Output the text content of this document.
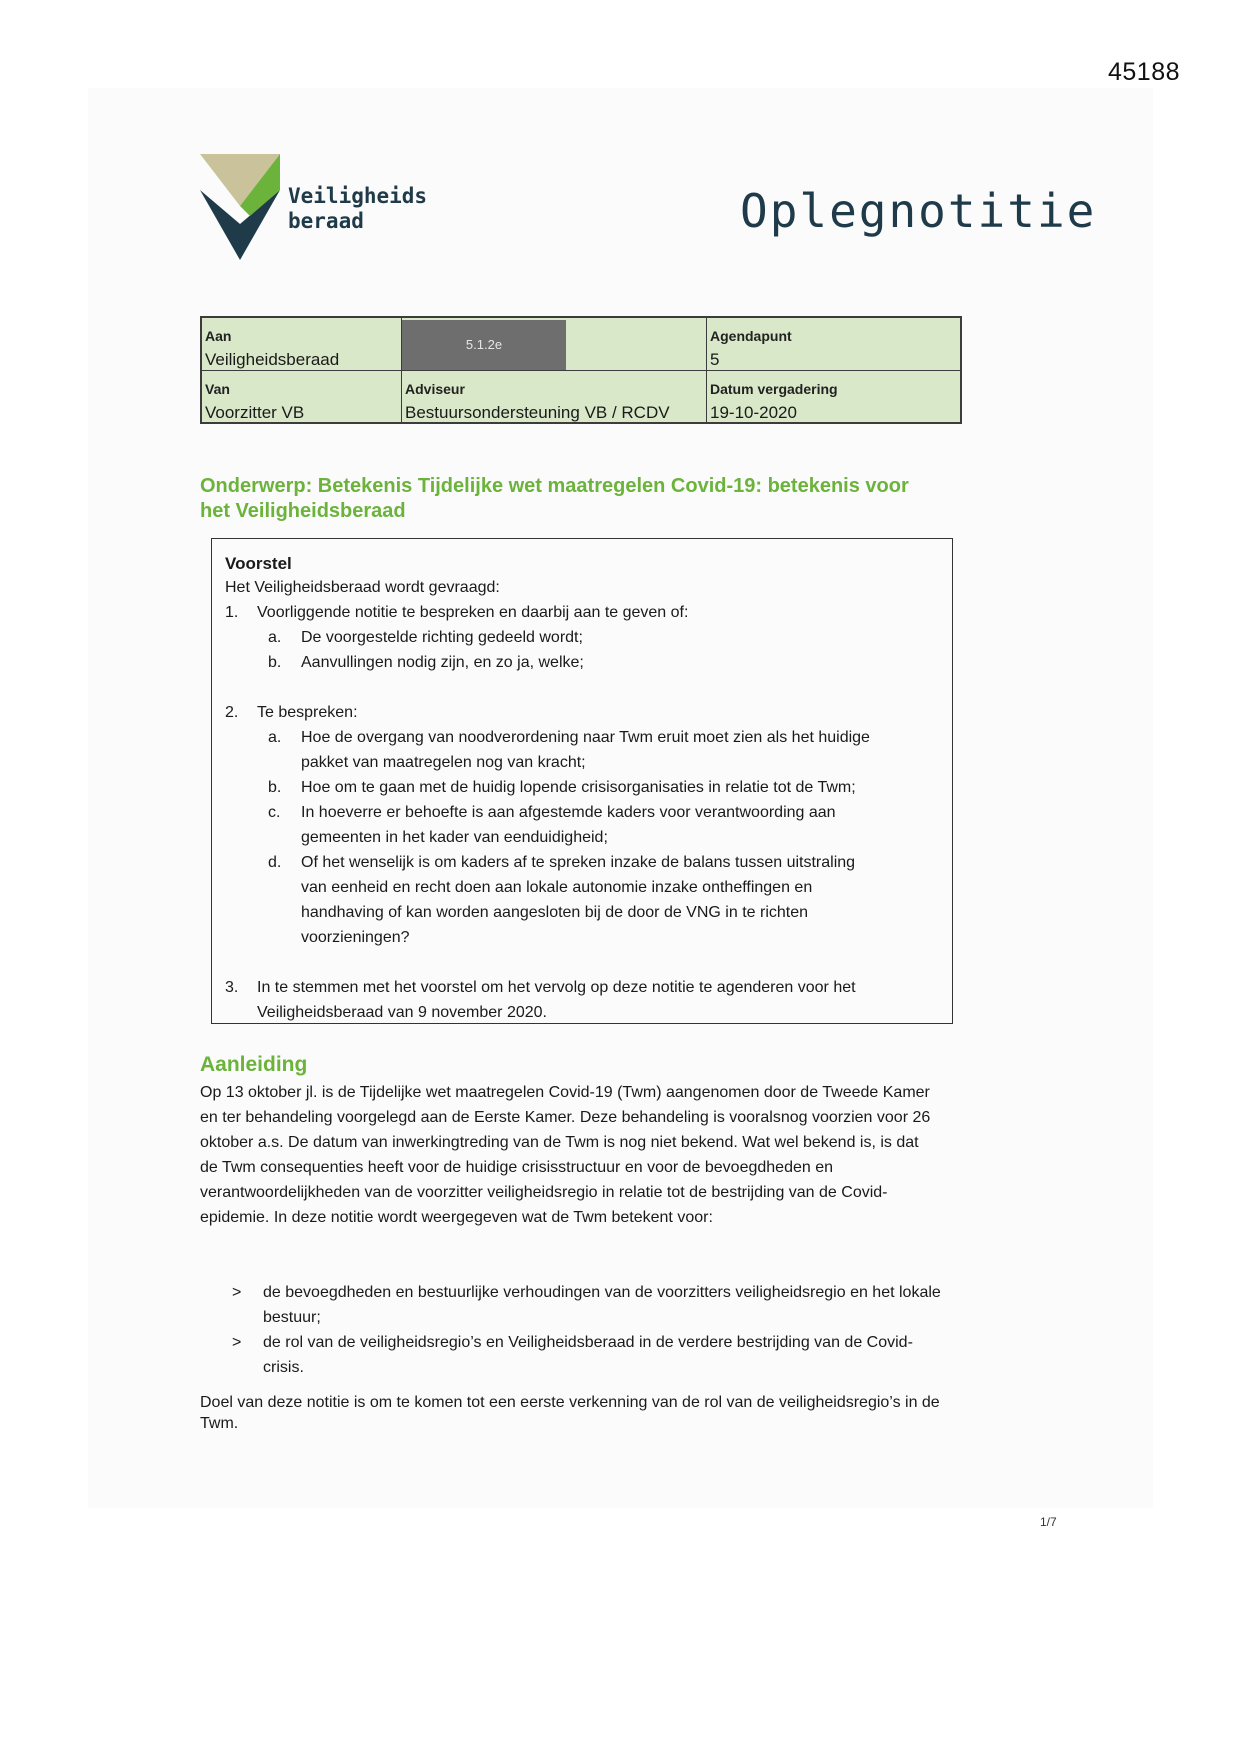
45188
Veiligheids
beraad	Oplegnotitie
Aan
Veiligheidsberaad
5.1.2e
Agendapunt
5
Van
Voorzitter VB
Adviseur
Bestuursondersteuning VB / RCDV
Datum vergadering
19-10-2020
Onderwerp: Betekenis Tijdelijke wet maatregelen Covid-19: betekenis voor
het Veiligheidsberaad
Voorstel
Het Veiligheidsberaad wordt gevraagd:
1. Voorliggende notitie te bespreken en daarbij aan te geven of:
a. De voorgestelde richting gedeeld wordt;
b. Aanvullingen nodig zijn, en zo ja, welke;
2. Te bespreken:
a. Hoe de overgang van noodverordening naar Twm eruit moet zien als het huidige
pakket van maatregelen nog van kracht;
b. Hoe om te gaan met de huidig lopende crisisorganisaties in relatie tot de Twm;
c. In hoeverre er behoefte is aan afgestemde kaders voor verantwoording aan
gemeenten in het kader van eenduidigheid;
d. Of het wenselijk is om kaders af te spreken inzake de balans tussen uitstraling
van eenheid en recht doen aan lokale autonomie inzake ontheffingen en
handhaving of kan worden aangesloten bij de door de VNG in te richten
voorzieningen?
3. In te stemmen met het voorstel om het vervolg op deze notitie te agenderen voor het
Veiligheidsberaad van 9 november 2020.
Aanleiding

Op 13 oktober jl. is de Tijdelijke wet maatregelen Covid-19 (Twm) aangenomen door de Tweede Kamer en ter behandeling voorgelegd aan de Eerste Kamer. Deze behandeling is vooralsnog voorzien voor 26 oktober a.s. De datum van inwerkingtreding van de Twm is nog niet bekend. Wat wel bekend is, is dat de Twm consequenties heeft voor de huidige crisisstructuur en voor de bevoegdheden en verantwoordelijkheden van de voorzitter veiligheidsregio in relatie tot de bestrijding van de Covid-epidemie. In deze notitie wordt weergegeven wat de Twm betekent voor:

> de bevoegdheden en bestuurlijke verhoudingen van de voorzitters veiligheidsregio en het lokale bestuur;
> de rol van de veiligheidsregio’s en Veiligheidsberaad in de verdere bestrijding van de Covid-crisis.
Doel van deze notitie is om te komen tot een eerste verkenning van de rol van de veiligheidsregio’s in de Twm.
1/7
